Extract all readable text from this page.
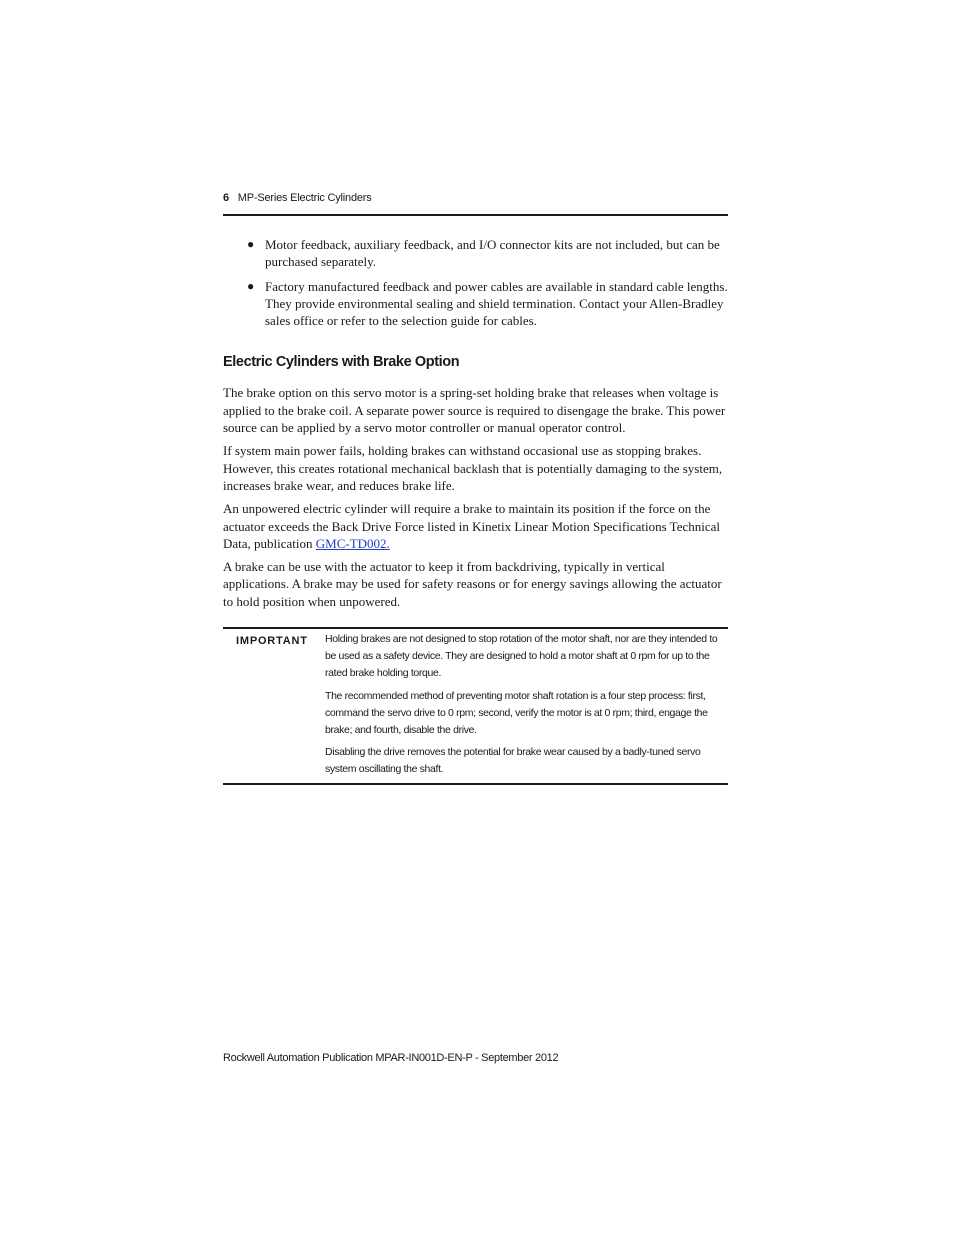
6 MP-Series Electric Cylinders
● Motor feedback, auxiliary feedback, and I/O connector kits are not included, but can be purchased separately.
● Factory manufactured feedback and power cables are available in standard cable lengths. They provide environmental sealing and shield termination. Contact your Allen-Bradley sales office or refer to the selection guide for cables.
Electric Cylinders with Brake Option

The brake option on this servo motor is a spring-set holding brake that releases when voltage is applied to the brake coil. A separate power source is required to disengage the brake. This power source can be applied by a servo motor controller or manual operator control.

If system main power fails, holding brakes can withstand occasional use as stopping brakes. However, this creates rotational mechanical backlash that is potentially damaging to the system, increases brake wear, and reduces brake life.

An unpowered electric cylinder will require a brake to maintain its position if the force on the actuator exceeds the Back Drive Force listed in Kinetix Linear Motion Specifications Technical Data, publication GMC-TD002.

A brake can be use with the actuator to keep it from backdriving, typically in vertical applications. A brake may be used for safety reasons or for energy savings allowing the actuator to hold position when unpowered.

IMPORTANT	Holding brakes are not designed to stop rotation of the motor shaft, nor are they intended to be used as a safety device. They are designed to hold a motor shaft at 0 rpm for up to the rated brake holding torque.

The recommended method of preventing motor shaft rotation is a four step process: first, command the servo drive to 0 rpm; second, verify the motor is at 0 rpm; third, engage the brake; and fourth, disable the drive.

Disabling the drive removes the potential for brake wear caused by a badly-tuned servo system oscillating the shaft.

Rockwell Automation Publication MPAR-IN001D-EN-P - September 2012
